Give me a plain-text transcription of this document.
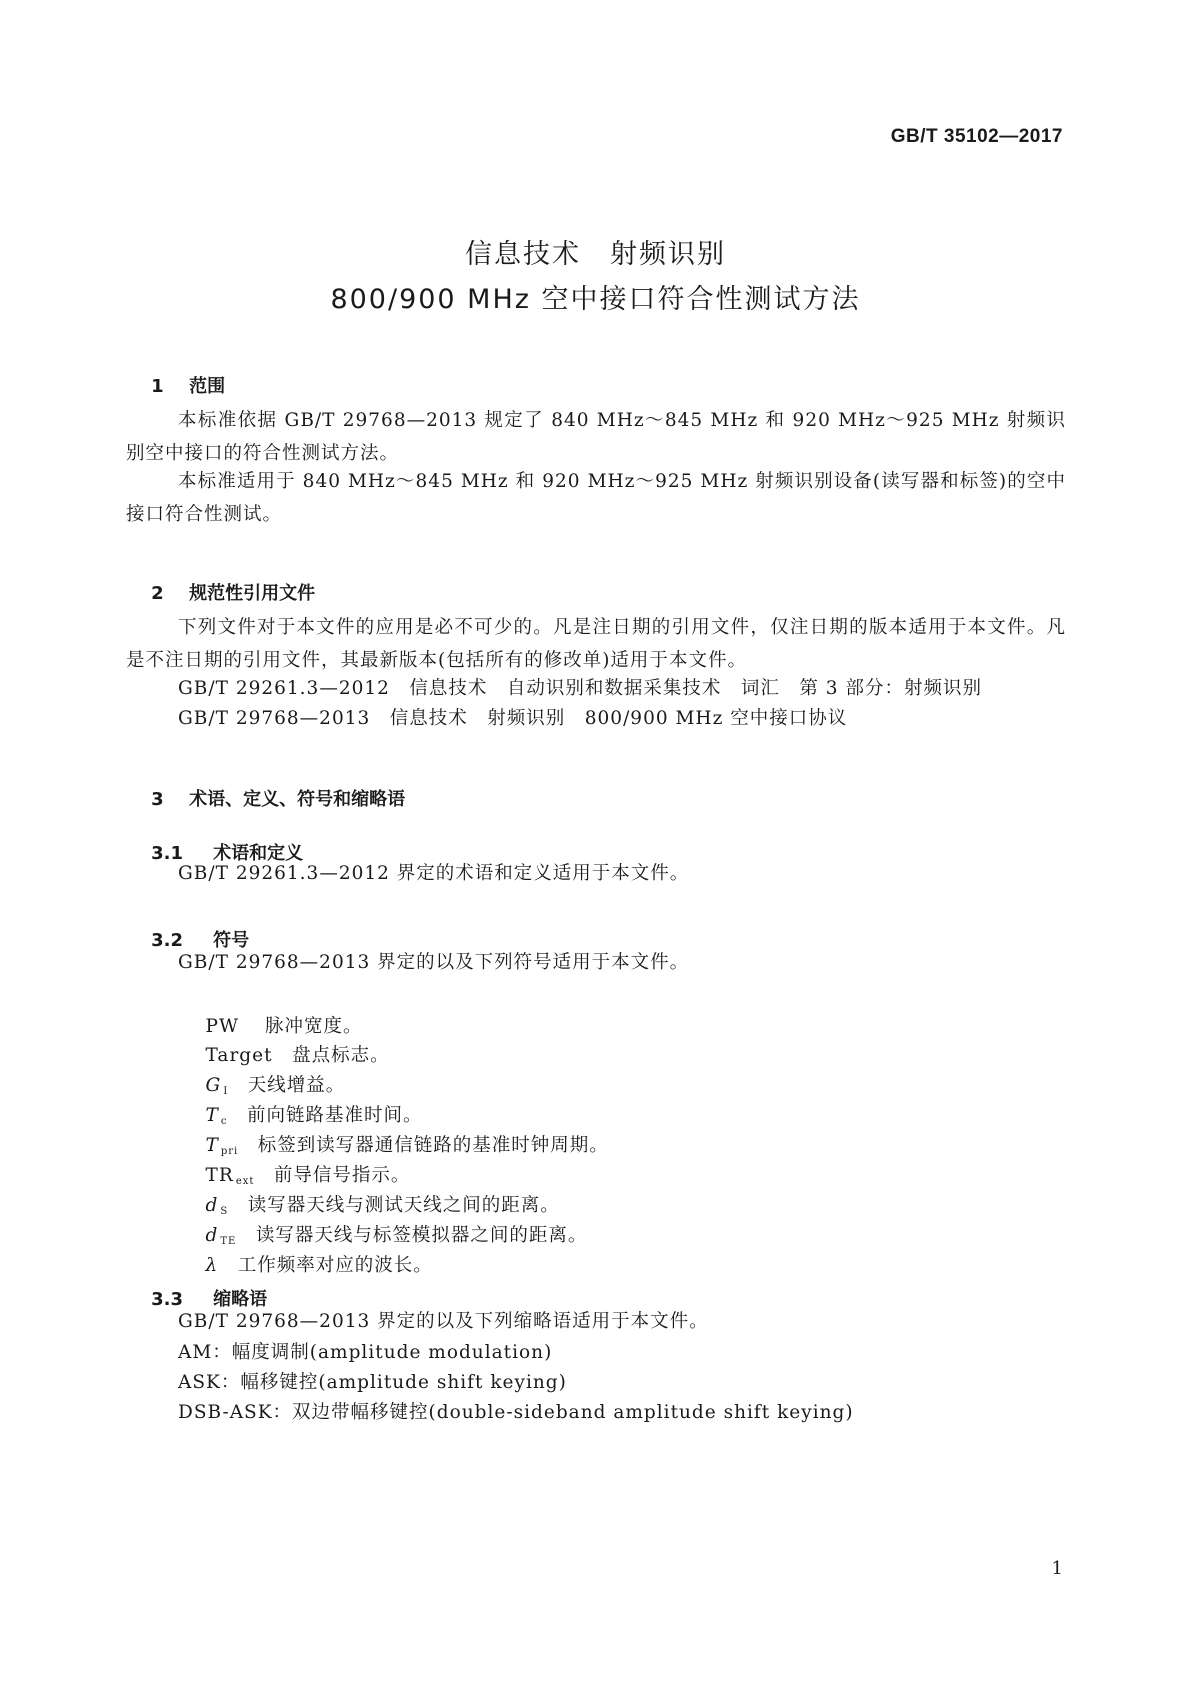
GB/T 35102—2017
信息技术　射频识别
800/900 MHz 空中接口符合性测试方法

1 范围

本标准依据 GB/T 29768—2013 规定了 840 MHz～845 MHz 和 920 MHz～925 MHz 射频识别空中接口的符合性测试方法。
本标准适用于 840 MHz～845 MHz 和 920 MHz～925 MHz 射频识别设备(读写器和标签)的空中接口符合性测试。

2 规范性引用文件

下列文件对于本文件的应用是必不可少的。凡是注日期的引用文件，仅注日期的版本适用于本文件。凡是不注日期的引用文件，其最新版本(包括所有的修改单)适用于本文件。
GB/T 29261.3—2012　信息技术　自动识别和数据采集技术　词汇　第 3 部分：射频识别
GB/T 29768—2013　信息技术　射频识别　800/900 MHz 空中接口协议

3 术语、定义、符号和缩略语

3.1 术语和定义

GB/T 29261.3—2012 界定的术语和定义适用于本文件。

3.2 符号

GB/T 29768—2013 界定的以及下列符号适用于本文件。

PW　 脉冲宽度。

Target　 盘点标志。

G I　 天线增益。

Tc　 前向链路基准时间。

Tpri　 标签到读写器通信链路的基准时钟周期。

TR ext　 前导信号指示。

d S　 读写器天线与测试天线之间的距离。

dTE　 读写器天线与标签模拟器之间的距离。

λ　 工作频率对应的波长。

3.3 缩略语

GB/T 29768—2013 界定的以及下列缩略语适用于本文件。
AM：幅度调制(amplitude modulation)
ASK：幅移键控(amplitude shift keying)
DSB-ASK：双边带幅移键控(double-sideband amplitude shift keying)
1
